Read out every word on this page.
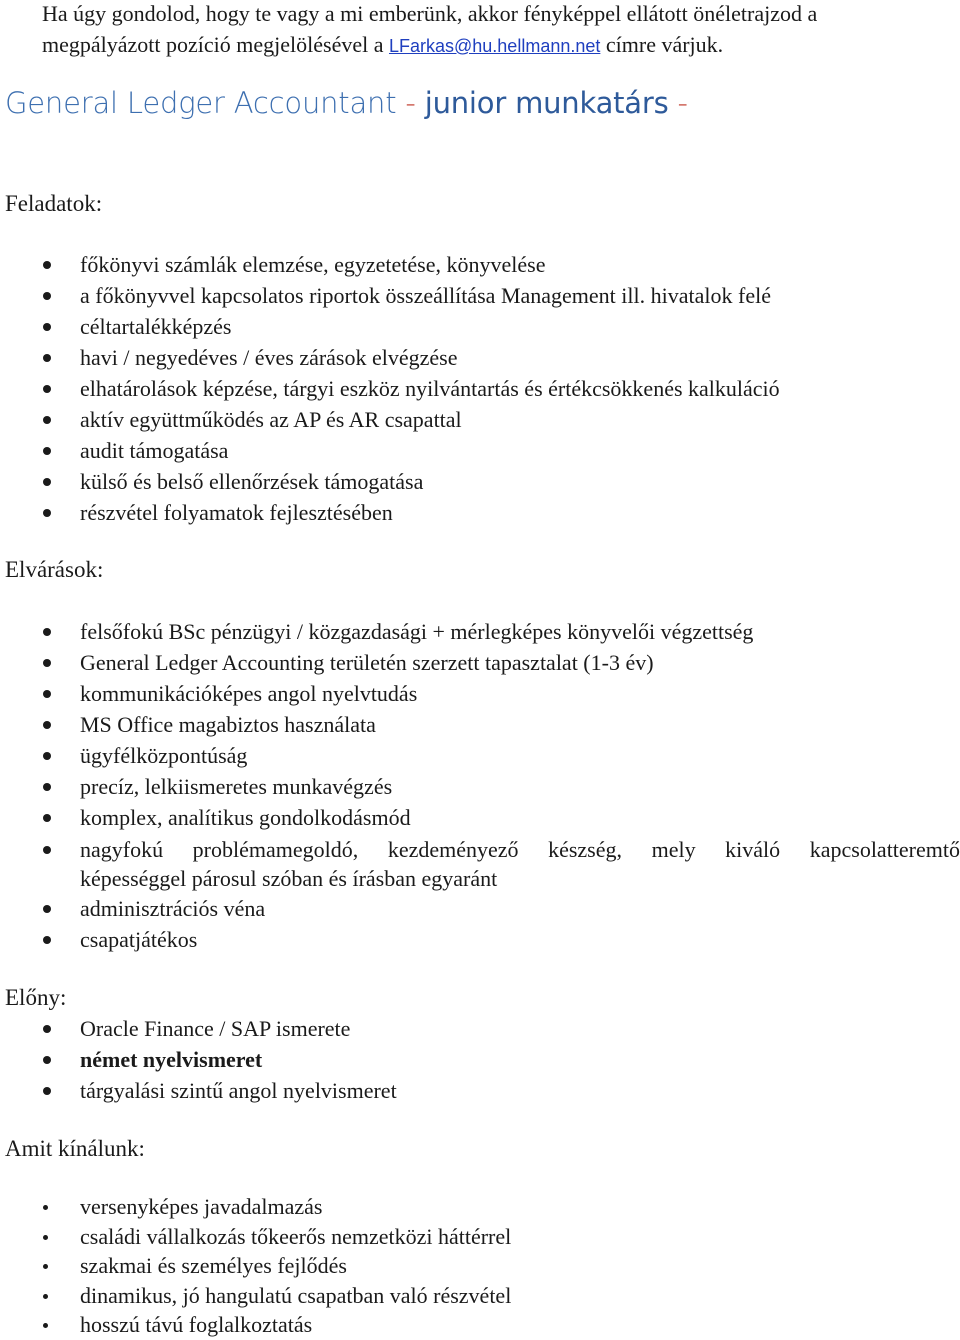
Ha úgy gondolod, hogy te vagy a mi emberünk, akkor fényképpel ellátott önéletrajzod a
megpályázott pozíció megjelölésével a LFarkas@hu.hellmann.net címre várjuk.
General Ledger Accountant - junior munkatárs -
Feladatok:
főkönyvi számlák elemzése, egyzetetése, könyvelése
a főkönyvvel kapcsolatos riportok összeállítása Management ill. hivatalok felé
céltartalékképzés
havi / negyedéves / éves zárások elvégzése
elhatárolások képzése, tárgyi eszköz nyilvántartás és értékcsökkenés kalkuláció
aktív együttműködés az AP és AR csapattal
audit támogatása
külső és belső ellenőrzések támogatása
részvétel folyamatok fejlesztésében
Elvárások:
felsőfokú BSc pénzügyi / közgazdasági + mérlegképes könyvelői végzettség
General Ledger Accounting területén szerzett tapasztalat (1-3 év)
kommunikációképes angol nyelvtudás
MS Office magabiztos használata
ügyfélközpontúság
precíz, lelkiismeretes munkavégzés
komplex, analítikus gondolkodásmód
nagyfokú problémamegoldó, kezdeményező készség, mely kiváló kapcsolatteremtő
képességgel párosul szóban és írásban egyaránt
adminisztrációs véna
csapatjátékos
Előny:
Oracle Finance / SAP ismerete
német nyelvismeret
tárgyalási szintű angol nyelvismeret
Amit kínálunk:
versenyképes javadalmazás
családi vállalkozás tőkeerős nemzetközi háttérrel
szakmai és személyes fejlődés
dinamikus, jó hangulatú csapatban való részvétel
hosszú távú foglalkoztatás
